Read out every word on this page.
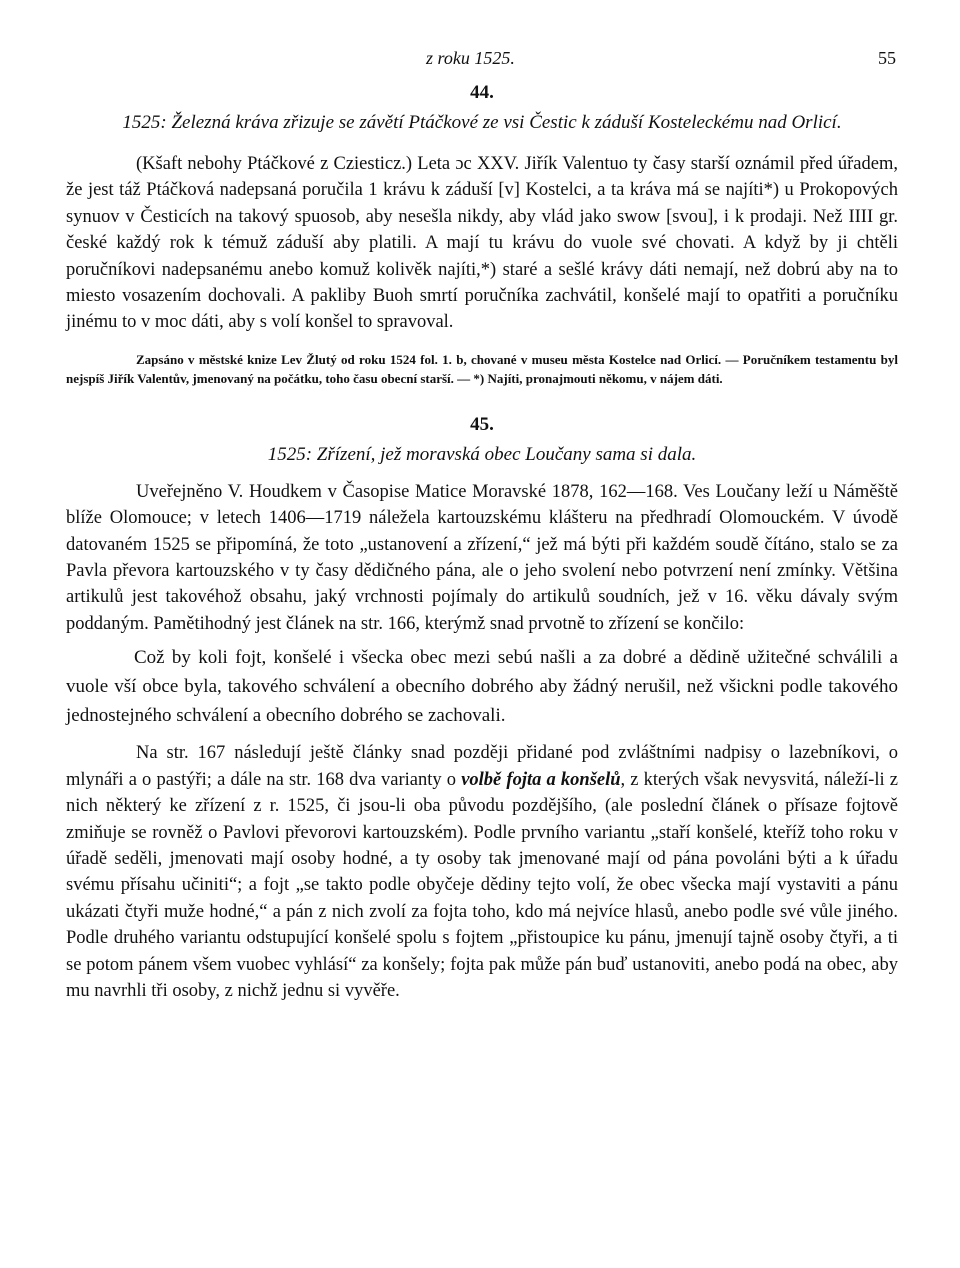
z roku 1525.	55
44.
1525: Železná kráva zřizuje se závětí Ptáčkové ze vsi Čestic k záduší Kosteleckému nad Orlicí.

(Kšaft nebohy Ptáčkové z Cziesticz.) Leta ɔc XXV. Jiřík Valentuo ty časy starší oznámil před úřadem, že jest táž Ptáčková nadepsaná poručila 1 krávu k záduší [v] Kostelci, a ta kráva má se najíti*) u Prokopových synuov v Česticích na takový spuosob, aby nesešla nikdy, aby vlád jako swow [svou], i k prodaji. Než IIII gr. české každý rok k témuž záduší aby platili. A mají tu krávu do vuole své chovati. A když by ji chtěli poručníkovi nadepsanému anebo komuž kolivěk najíti,*) staré a sešlé krávy dáti nemají, než dobrú aby na to miesto vosazením dochovali. A pakliby Buoh smrtí poručníka zachvátil, konšelé mají to opatřiti a poručníku jinému to v moc dáti, aby s volí konšel to spravoval.

Zapsáno v městské knize Lev Žlutý od roku 1524 fol. 1. b, chované v museu města Kostelce nad Orlicí. — Poručníkem testamentu byl nejspíš Jiřík Valentův, jmenovaný na počátku, toho času obecní starší. — *) Najíti, pronajmouti někomu, v nájem dáti.

45.
1525: Zřízení, jež moravská obec Loučany sama si dala.

Uveřejněno V. Houdkem v Časopise Matice Moravské 1878, 162—168. Ves Loučany leží u Náměště blíže Olomouce; v letech 1406—1719 náležela kartouzskému klášteru na předhradí Olomouckém. V úvodě datovaném 1525 se připomíná, že toto „ustanovení a zřízení,“ jež má býti při každém soudě čítáno, stalo se za Pavla převora kartouzského v ty časy dědičného pána, ale o jeho svolení nebo potvrzení není zmínky. Většina artikulů jest takovéhož obsahu, jaký vrchnosti pojímaly do artikulů soudních, jež v 16. věku dávaly svým poddaným. Pamětihodný jest článek na str. 166, kterýmž snad prvotně to zřízení se končilo:

Což by koli fojt, konšelé i všecka obec mezi sebú našli a za dobré a dědině užitečné schválili a vuole vší obce byla, takového schválení a obecního dobrého aby žádný nerušil, než všickni podle takového jednostejného schválení a obecního dobrého se zachovali.

Na str. 167 následují ještě články snad později přidané pod zvláštními nadpisy o lazebníkovi, o mlynáři a o pastýři; a dále na str. 168 dva varianty o volbě fojta a konšelů, z kterých však nevysvitá, náleží-li z nich některý ke zřízení z r. 1525, či jsou-li oba původu pozdějšího, (ale poslední článek o přísaze fojtově zmiňuje se rovněž o Pavlovi převorovi kartouzském). Podle prvního variantu „staří konšelé, kteříž toho roku v úřadě seděli, jmenovati mají osoby hodné, a ty osoby tak jmenované mají od pána povoláni býti a k úřadu svému přísahu učiniti“; a fojt „se takto podle obyčeje dědiny tejto volí, že obec všecka mají vystaviti a pánu ukázati čtyři muže hodné,“ a pán z nich zvolí za fojta toho, kdo má nejvíce hlasů, anebo podle své vůle jiného. Podle druhého variantu odstupující konšelé spolu s fojtem „přistoupice ku pánu, jmenují tajně osoby čtyři, a ti se potom pánem všem vuobec vyhlásí“ za konšely; fojta pak může pán buď ustanoviti, anebo podá na obec, aby mu navrhli tři osoby, z nichž jednu si vyvěře.
